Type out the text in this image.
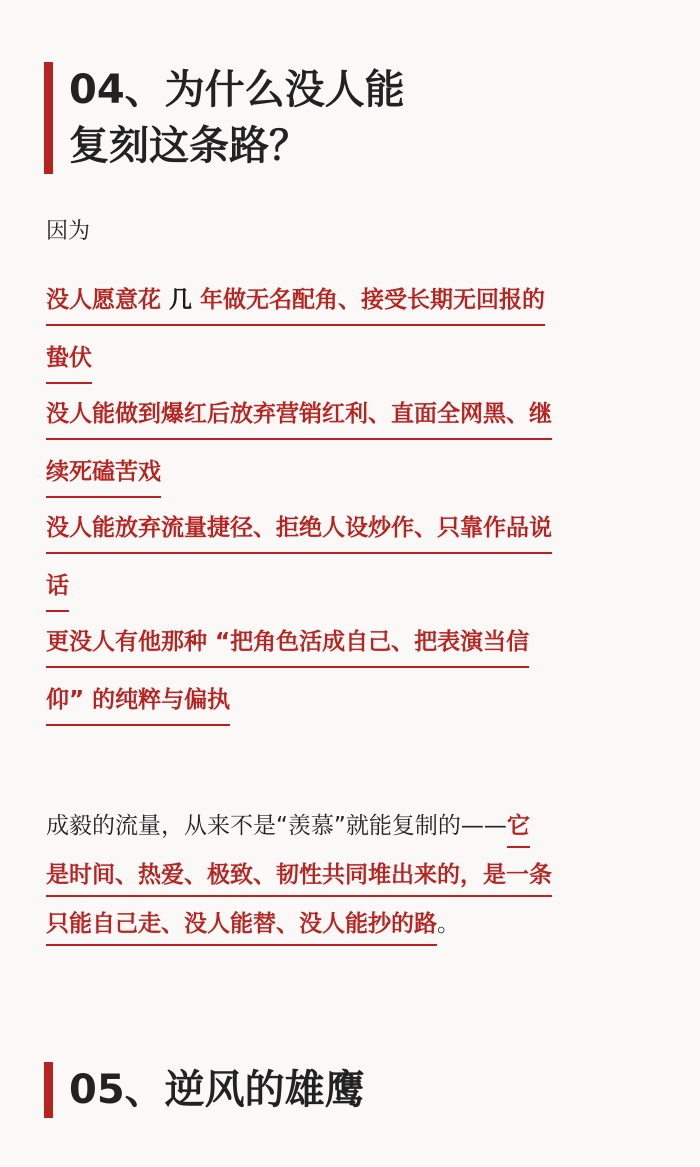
04、为什么没人能
复刻这条路？
因为
没人愿意花 几 年做无名配角、接受长期无回报的
蛰伏
没人能做到爆红后放弃营销红利、直面全网黑、继
续死磕苦戏
没人能放弃流量捷径、拒绝人设炒作、只靠作品说
话
更没人有他那种 “把角色活成自己、把表演当信
仰” 的纯粹与偏执
成毅的流量，从来不是“羡慕”就能复制的——它
是时间、热爱、极致、韧性共同堆出来的，是一条
只能自己走、没人能替、没人能抄的路。
05、逆风的雄鹰
